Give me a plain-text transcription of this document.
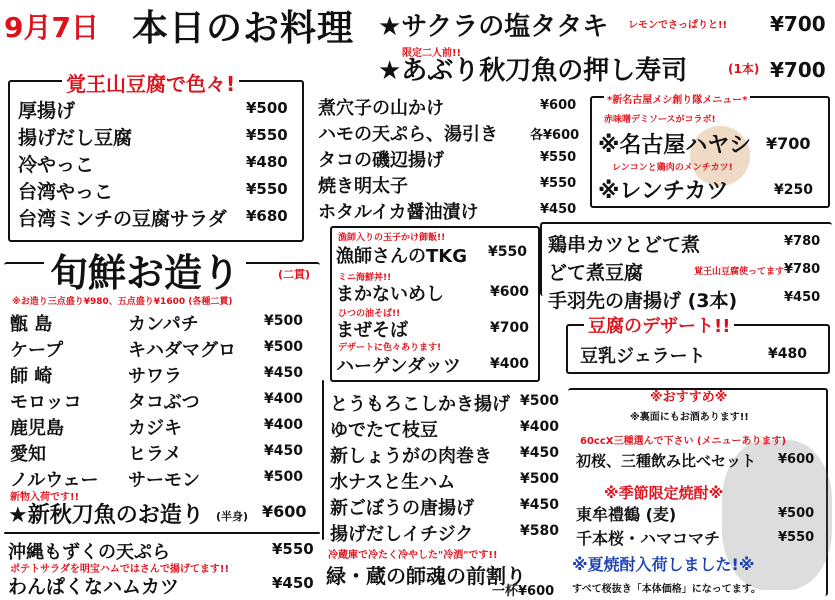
9月7日 本日のお料理 ★サクラの塩タタキ レモンでさっぱりと!! ¥700
限定二人前!!
★あぶり秋刀魚の押し寿司	(1本) ¥700
覚王山豆腐で色々!
厚揚げ	¥500
揚げだし豆腐	¥550
冷やっこ	¥480
台湾やっこ	¥550
台湾ミンチの豆腐サラダ ¥680
煮穴子の山かけ	¥600
ハモの天ぷら、湯引き 各¥600
タコの磯辺揚げ	¥550
焼き明太子	¥550
ホタルイカ醤油漬け	¥450
*新名古屋メシ創り隊メニュー*
赤味噌デミソースがコラボ!
※名古屋ハヤシ ¥700
レンコンと鶏肉のメンチカツ!
※レンチカツ	¥250
旬鮮お造り	(二貫)
※お造り三点盛り¥980、五点盛り¥1600 (各種二貫)
甑 島	カンパチ	¥500
ケープ	キハダマグロ ¥500
師 崎	サワラ	¥450
モロッコ	タコぶつ	¥400
鹿児島	カジキ	¥400
愛知	ヒラメ	¥450
ノルウェー サーモン	¥500
新物入荷です!!
★新秋刀魚のお造り (半身) ¥600
漁師入りの玉子かけ御飯!!
漁師さんのTKG ¥550
ミニ海鮮丼!!
まかないめし	¥600
ひつの油そば!!
まぜそば	¥700
デザートに色々あります!
ハーゲンダッツ ¥400
鶏串カツとどて煮	¥780
どて煮豆腐	覚王山豆腐使ってます ¥780
手羽先の唐揚げ (3本)	¥450
豆腐のデザート!!
豆乳ジェラート	¥480
とうもろこしかき揚げ ¥500
ゆでたて枝豆	¥400
新しょうがの肉巻き ¥450
水ナスと生ハム	¥500
新ごぼうの唐揚げ	¥450
揚げだしイチジク	¥580
冷蔵庫で冷たく冷やした"冷酒"です!!
緑・蔵の師魂の前割り
一杯¥600
沖縄もずくの天ぷら	¥550
ポテトサラダを明宝ハムではさんで揚げてます!!
わんぱくなハムカツ	¥450
※おすすめ※
※裏面にもお酒あります!!
60ccX三種選んで下さい (メニューあります)
初桜、三種飲み比べセット ¥600
※季節限定焼酎※
東牟禮鶴 (麦)	¥500
千本桜・ハマコマチ	¥550
※夏焼酎入荷しました!※
すべて桜抜き「本体価格」になってます。
